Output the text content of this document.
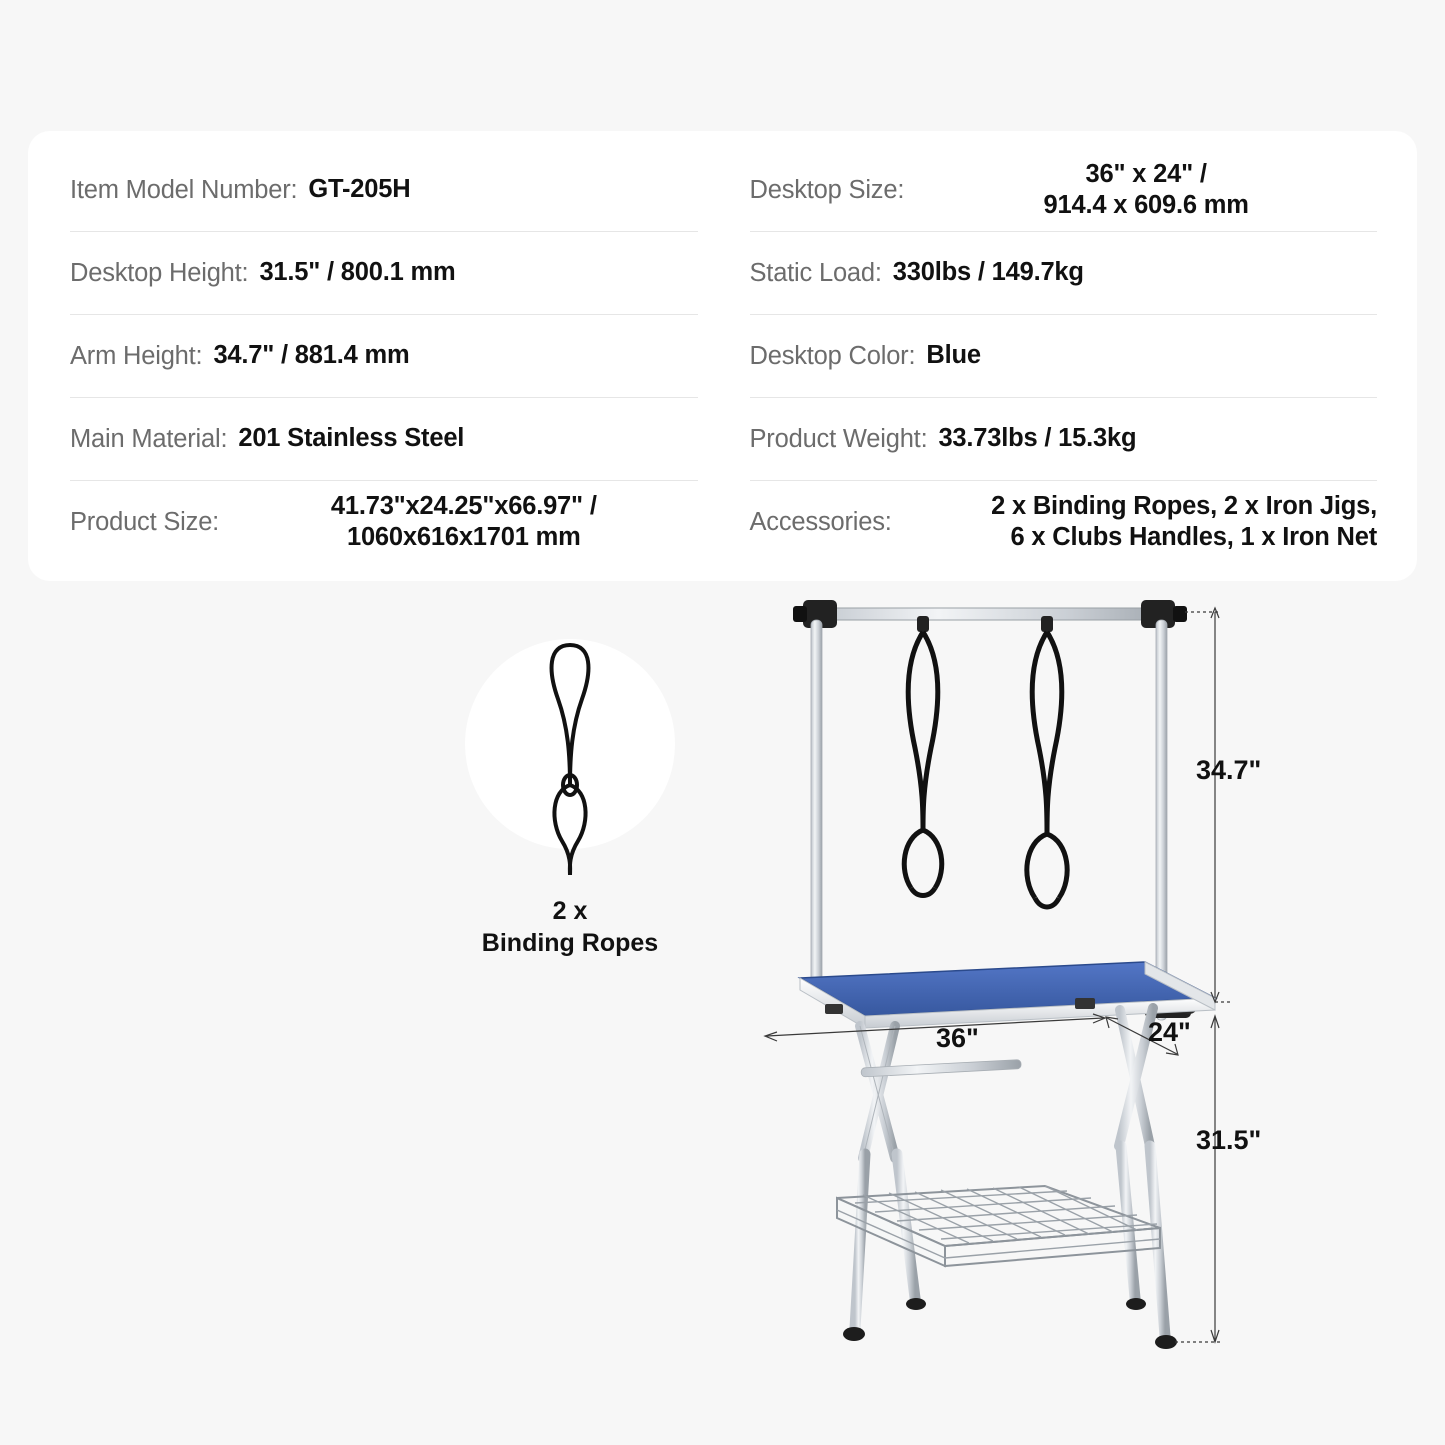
Item Model Number: GT-205H
Desktop Height: 31.5" / 800.1 mm
Arm Height: 34.7" / 881.4 mm
Main Material: 201 Stainless Steel
Product Size:
41.73"x24.25"x66.97" /
1060x616x1701 mm
Desktop Size:
36" x 24" /
914.4 x 609.6 mm
Static Load: 330lbs / 149.7kg
Desktop Color: Blue
Product Weight: 33.73lbs / 15.3kg
Accessories:
2 x Binding Ropes, 2 x Iron Jigs,
6 x Clubs Handles, 1 x Iron Net
2 x
Binding Ropes
34.7"
31.5"
36"	24"
